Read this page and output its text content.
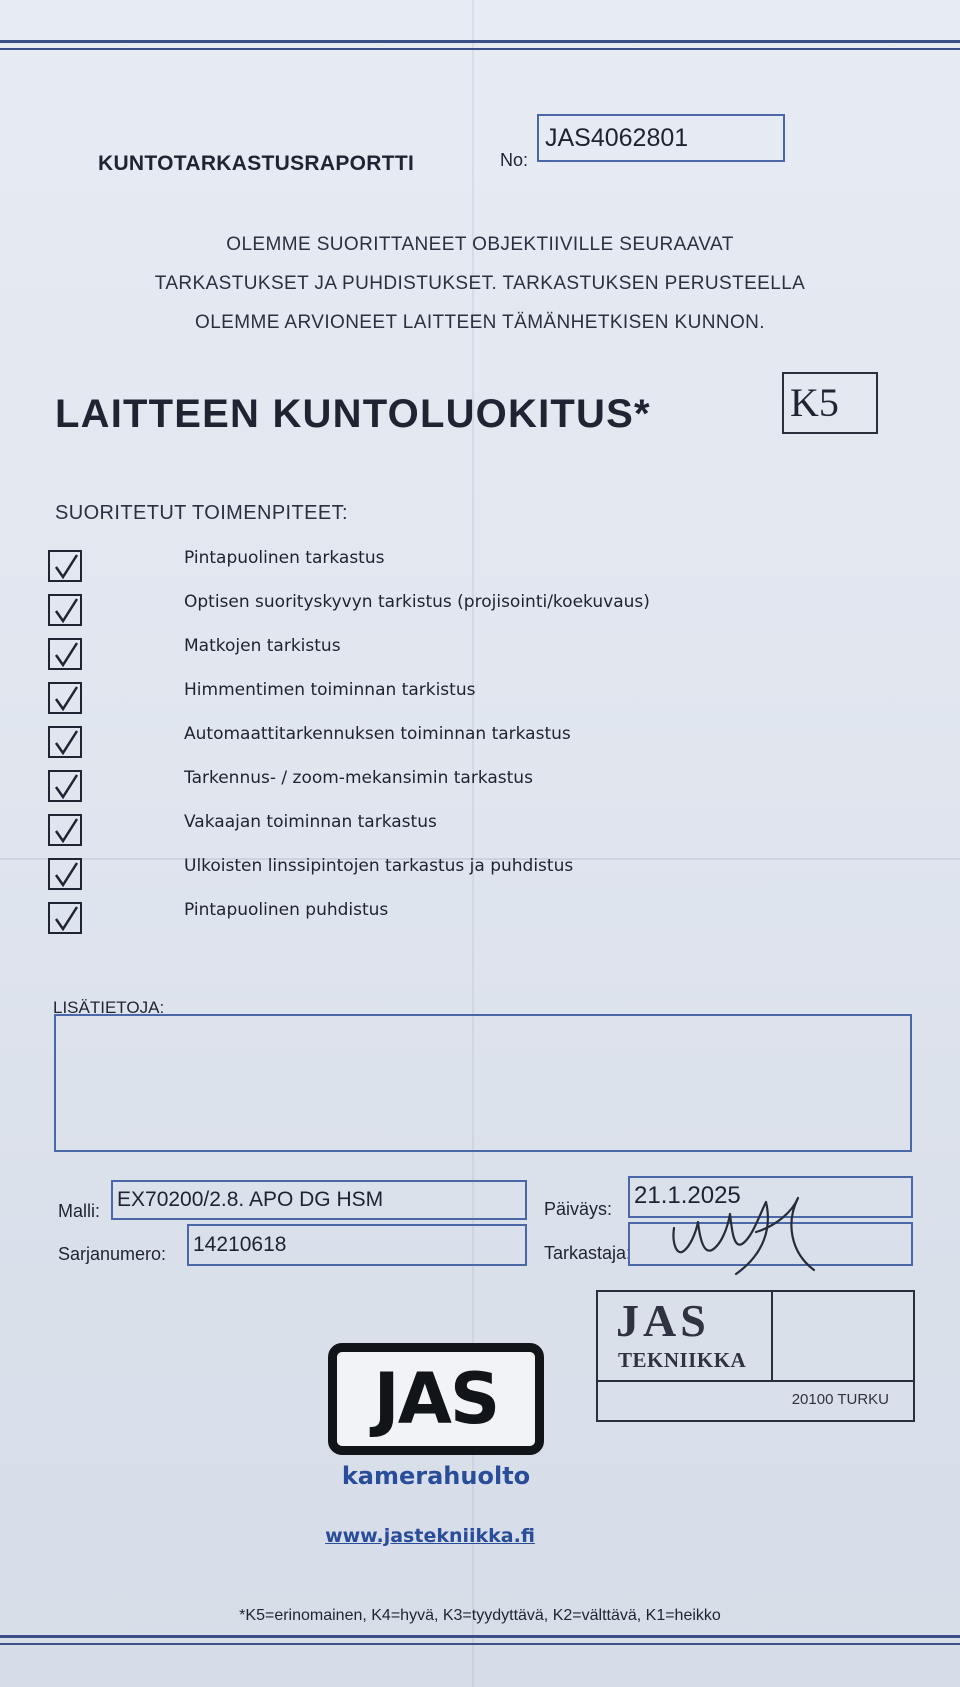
KUNTOTARKASTUSRAPORTTI	No:
JAS4062801
OLEMME SUORITTANEET OBJEKTIIVILLE SEURAAVAT
TARKASTUKSET JA PUHDISTUKSET. TARKASTUKSEN PERUSTEELLA
OLEMME ARVIONEET LAITTEEN TÄMÄNHETKISEN KUNNON.
LAITTEEN KUNTOLUOKITUS*	K5
SUORITETUT TOIMENPITEET:
Pintapuolinen tarkastus
Optisen suorityskyvyn tarkistus (projisointi/koekuvaus)
Matkojen tarkistus
Himmentimen toiminnan tarkistus
Automaattitarkennuksen toiminnan tarkastus
Tarkennus- / zoom-mekansimin tarkastus
Vakaajan toiminnan tarkastus
Ulkoisten linssipintojen tarkastus ja puhdistus
Pintapuolinen puhdistus
LISÄTIETOJA:
Malli: EX70200/2.8. APO DG HSM
Sarjanumero: 14210618
Päiväys: 21.1.2025
Tarkastaja:
JAS
TEKNIIKKA
20100 TURKU
JAS
kamerahuolto
www.jastekniikka.fi
*K5=erinomainen, K4=hyvä, K3=tyydyttävä, K2=välttävä, K1=heikko
